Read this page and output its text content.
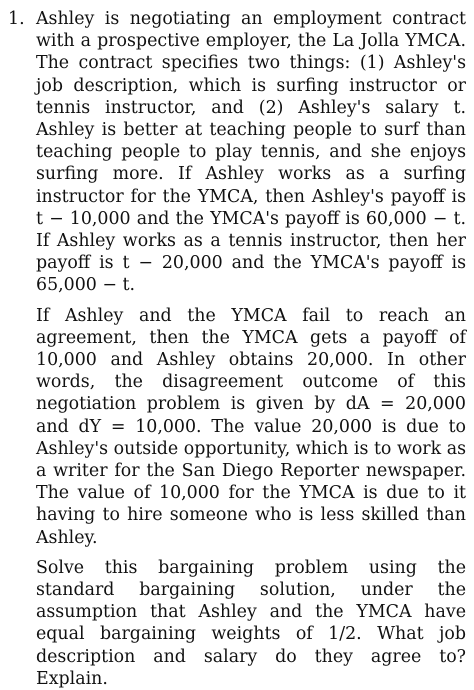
1. Ashley is negotiating an employment contract with a prospective employer, the La Jolla YMCA. The contract specifies two things: (1) Ashley's job description, which is surfing instructor or tennis instructor, and (2) Ashley's salary t. Ashley is better at teaching people to surf than teaching people to play tennis, and she enjoys surfing more. If Ashley works as a surfing instructor for the YMCA, then Ashley's payoff is t − 10,000 and the YMCA's payoff is 60,000 − t. If Ashley works as a tennis instructor, then her payoff is t − 20,000 and the YMCA's payoff is 65,000 − t.

If Ashley and the YMCA fail to reach an agreement, then the YMCA gets a payoff of 10,000 and Ashley obtains 20,000. In other words, the disagreement outcome of this negotiation problem is given by dA = 20,000 and dY = 10,000. The value 20,000 is due to Ashley's outside opportunity, which is to work as a writer for the San Diego Reporter newspaper. The value of 10,000 for the YMCA is due to it having to hire someone who is less skilled than Ashley.

Solve this bargaining problem using the standard bargaining solution, under the assumption that Ashley and the YMCA have equal bargaining weights of 1/2. What job description and salary do they agree to? Explain.
